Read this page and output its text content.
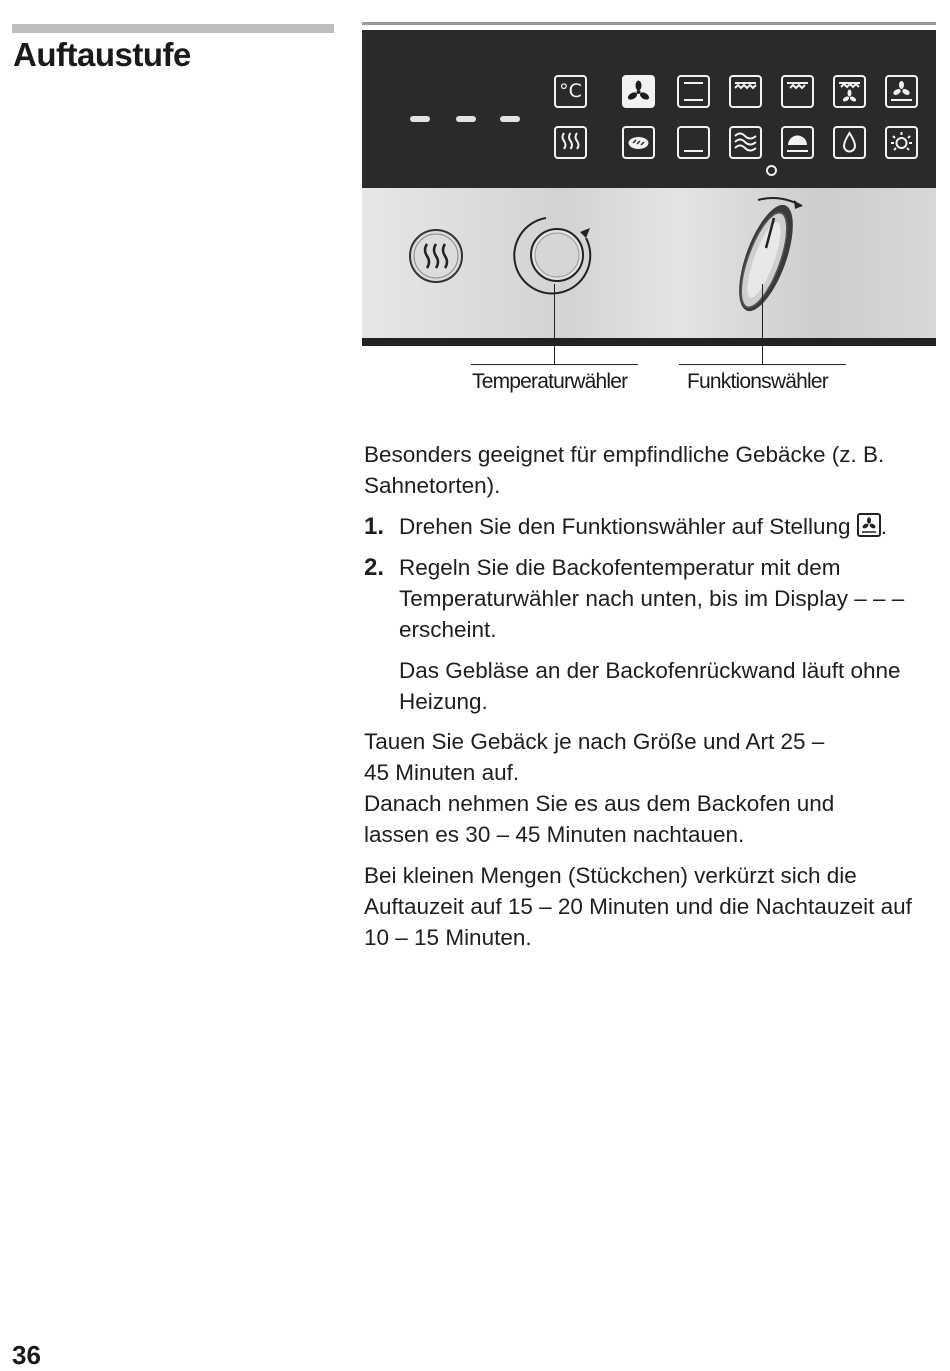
Auftaustufe
°C
Temperaturwähler	Funktionswähler

Besonders geeignet für empfindliche Gebäcke (z. B. Sahnetorten).

1. Drehen Sie den Funktionswähler auf Stellung .
2. Regeln Sie die Backofentemperatur mit dem Temperaturwähler nach unten, bis im Display – – – erscheint.
Das Gebläse an der Backofenrückwand läuft ohne Heizung.

Tauen Sie Gebäck je nach Größe und Art 25 – 45 Minuten auf.

Danach nehmen Sie es aus dem Backofen und lassen es 30 – 45 Minuten nachtauen.

Bei kleinen Mengen (Stückchen) verkürzt sich die Auftauzeit auf 15 – 20 Minuten und die Nachtauzeit auf 10 – 15 Minuten.

36
